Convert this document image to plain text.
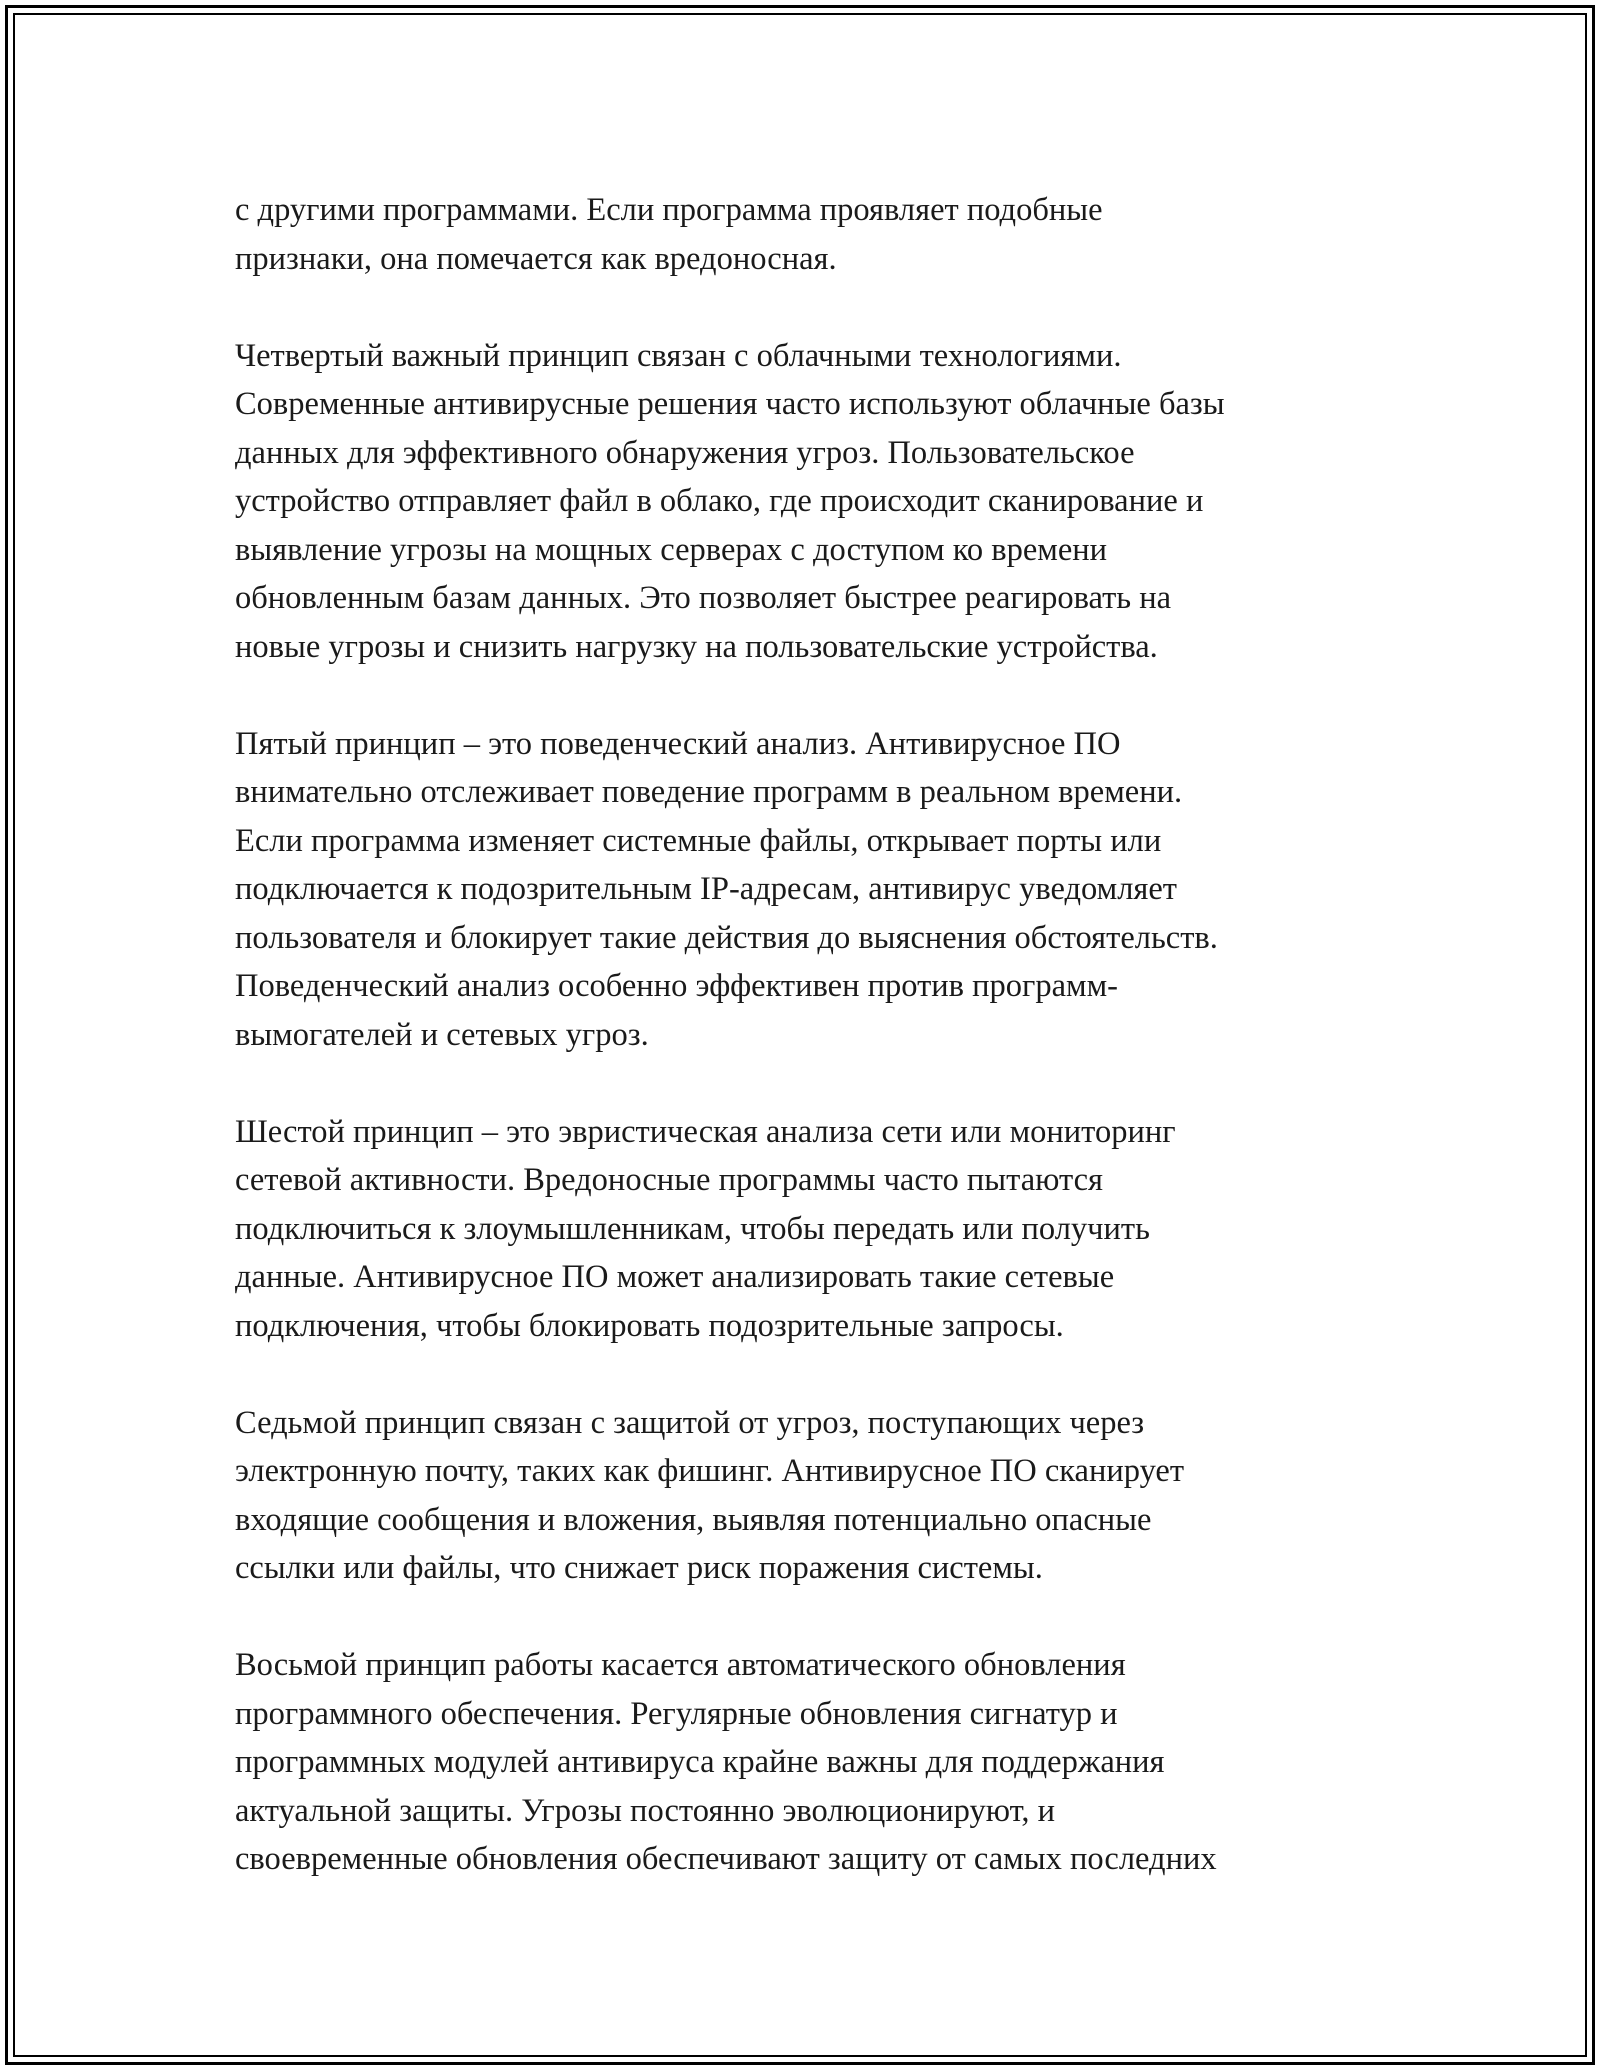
с другими программами. Если программа проявляет подобные
признаки, она помечается как вредоносная.

Четвертый важный принцип связан с облачными технологиями.
Современные антивирусные решения часто используют облачные базы
данных для эффективного обнаружения угроз. Пользовательское
устройство отправляет файл в облако, где происходит сканирование и
выявление угрозы на мощных серверах с доступом ко времени
обновленным базам данных. Это позволяет быстрее реагировать на
новые угрозы и снизить нагрузку на пользовательские устройства.

Пятый принцип – это поведенческий анализ. Антивирусное ПО
внимательно отслеживает поведение программ в реальном времени.
Если программа изменяет системные файлы, открывает порты или
подключается к подозрительным IP-адресам, антивирус уведомляет
пользователя и блокирует такие действия до выяснения обстоятельств.
Поведенческий анализ особенно эффективен против программ-
вымогателей и сетевых угроз.

Шестой принцип – это эвристическая анализа сети или мониторинг
сетевой активности. Вредоносные программы часто пытаются
подключиться к злоумышленникам, чтобы передать или получить
данные. Антивирусное ПО может анализировать такие сетевые
подключения, чтобы блокировать подозрительные запросы.

Седьмой принцип связан с защитой от угроз, поступающих через
электронную почту, таких как фишинг. Антивирусное ПО сканирует
входящие сообщения и вложения, выявляя потенциально опасные
ссылки или файлы, что снижает риск поражения системы.

Восьмой принцип работы касается автоматического обновления
программного обеспечения. Регулярные обновления сигнатур и
программных модулей антивируса крайне важны для поддержания
актуальной защиты. Угрозы постоянно эволюционируют, и
своевременные обновления обеспечивают защиту от самых последних
